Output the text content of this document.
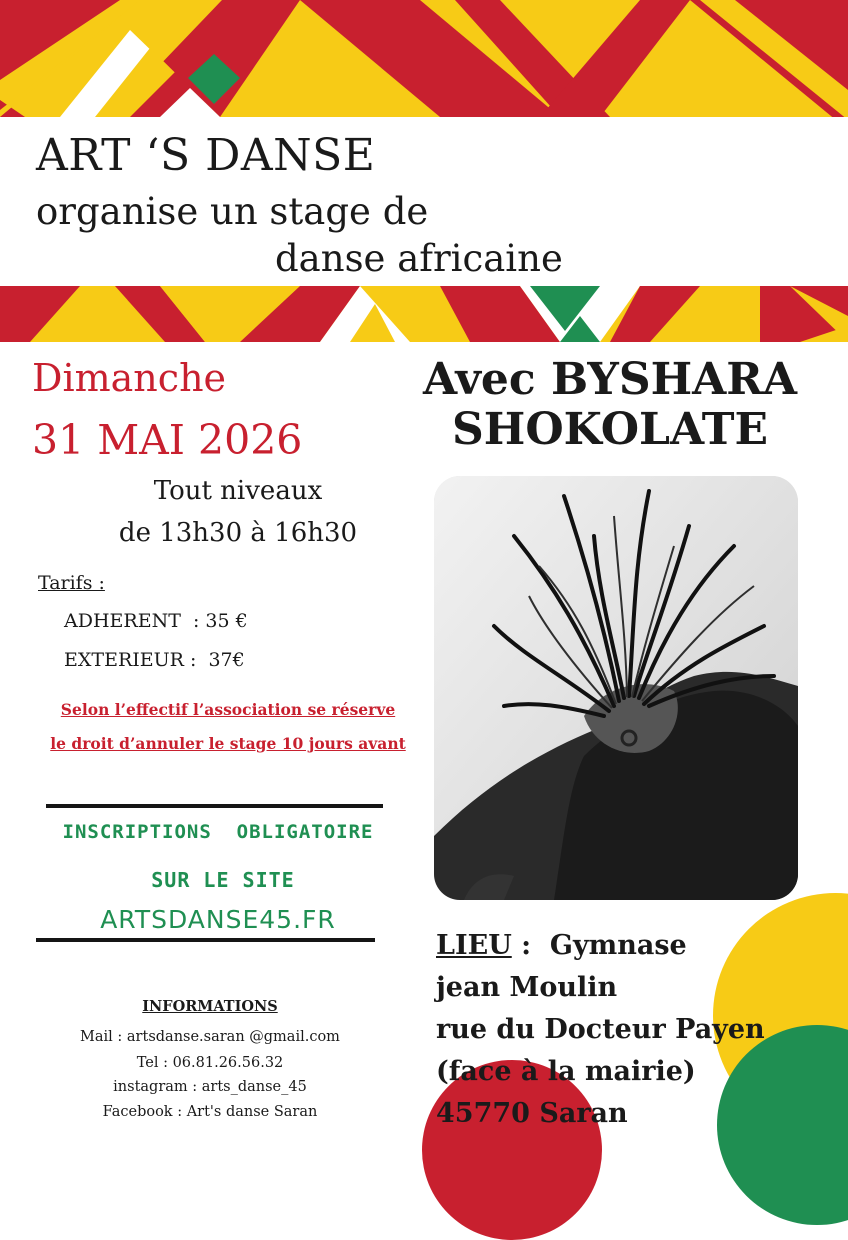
ART ‘S DANSE
organise un stage de
danse africaine
Dimanche
31 MAI 2026
Tout niveaux
de 13h30 à 16h30
Tarifs :
ADHERENT  : 35 €
EXTERIEUR :  37€
Selon l’effectif l’association se réserve
le droit d’annuler le stage 10 jours avant
INSCRIPTIONS  OBLIGATOIRE
SUR LE SITE
ARTSDANSE45.FR
INFORMATIONS
Mail : artsdanse.saran @gmail.com
Tel : 06.81.26.56.32
instagram : arts_danse_45
Facebook : Art's danse Saran
Avec BYSHARA
SHOKOLATE
LIEU :  Gymnase
jean Moulin
rue du Docteur Payen
(face à la mairie)
45770 Saran
